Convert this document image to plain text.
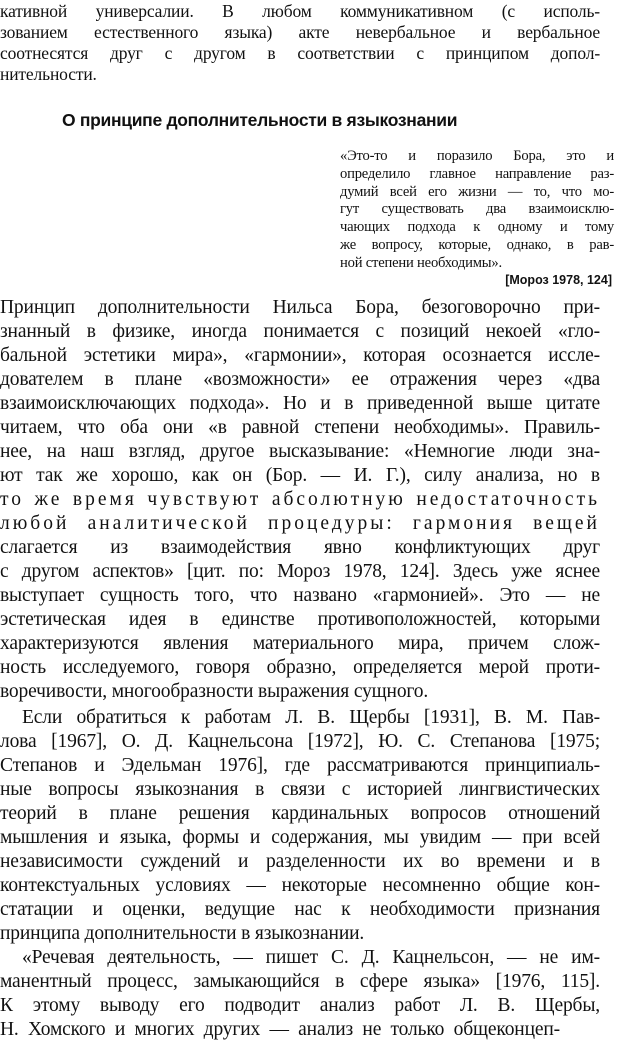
кативной универсалии. В любом коммуникативном (с исполь-
зованием естественного языка) акте невербальное и вербальное
соотнесятся друг с другом в соответствии с принципом допол-
нительности.
О принципе дополнительности в языкознании
«Это-то и поразило Бора, это и
определило главное направление раз-
думий всей его жизни — то, что мо-
гут существовать два взаимоисклю-
чающих подхода к одному и тому
же вопросу, которые, однако, в рав-
ной степени необходимы».
[Мороз 1978, 124]
Принцип дополнительности Нильса Бора, безоговорочно при-
знанный в физике, иногда понимается с позиций некоей «гло-
бальной эстетики мира», «гармонии», которая осознается иссле-
дователем в плане «возможности» ее отражения через «два
взаимоисключающих подхода». Но и в приведенной выше цитате
читаем, что оба они «в равной степени необходимы». Правиль-
нее, на наш взгляд, другое высказывание: «Немногие люди зна-
ют так же хорошо, как он (Бор. — И. Г.), силу анализа, но в
то же время чувствуют абсолютную недостаточность
любой аналитической процедуры: гармония вещей
слагается из взаимодействия явно конфликтующих друг
с другом аспектов» [цит. по: Мороз 1978, 124]. Здесь уже яснее
выступает сущность того, что названо «гармонией». Это — не
эстетическая идея в единстве противоположностей, которыми
характеризуются явления материального мира, причем слож-
ность исследуемого, говоря образно, определяется мерой проти-
воречивости, многообразности выражения сущного.
Если обратиться к работам Л. В. Щербы [1931], В. М. Пав-
лова [1967], О. Д. Кацнельсона [1972], Ю. С. Степанова [1975;
Степанов и Эдельман 1976], где рассматриваются принципиаль-
ные вопросы языкознания в связи с историей лингвистических
теорий в плане решения кардинальных вопросов отношений
мышления и языка, формы и содержания, мы увидим — при всей
независимости суждений и разделенности их во времени и в
контекстуальных условиях — некоторые несомненно общие кон-
статации и оценки, ведущие нас к необходимости признания
принципа дополнительности в языкознании.
«Речевая деятельность, — пишет С. Д. Кацнельсон, — не им-
манентный процесс, замыкающийся в сфере языка» [1976, 115].
К этому выводу его подводит анализ работ Л. В. Щербы,
Н. Хомского и многих других — анализ не только общеконцеп-
